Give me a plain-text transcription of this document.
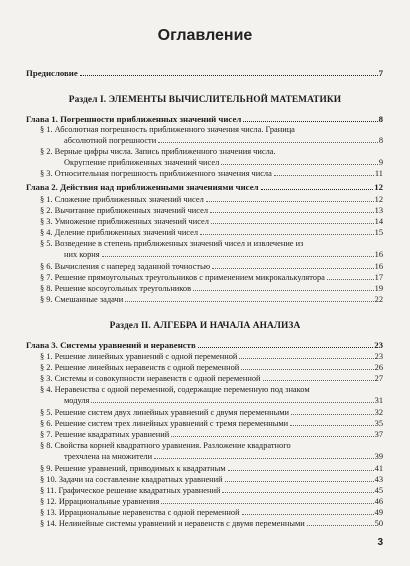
Оглавление
Предисловие	7
Раздел I. ЭЛЕМЕНТЫ ВЫЧИСЛИТЕЛЬНОЙ МАТЕМАТИКИ
Глава 1. Погрешности приближенных значений чисел	8
§ 1. Абсолютная погрешность приближенного значения числа. Граница
абсолютной погрешности	8
§ 2. Верные цифры числа. Запись приближенного значения числа.
Округление приближенных значений чисел	9
§ 3. Относительная погрешность приближенного значения числа	11
Глава 2. Действия над приближенными значениями чисел	12
§ 1. Сложение приближенных значений чисел	12
§ 2. Вычитание приближенных значений чисел	13
§ 3. Умножение приближенных значений чисел	14
§ 4. Деление приближенных значений чисел	15
§ 5. Возведение в степень приближенных значений чисел и извлечение из
них корня	16
§ 6. Вычисления с наперед заданной точностью	16
§ 7. Решение прямоугольных треугольников с применением микрокалькулятора	17
§ 8. Решение косоугольных треугольников	19
§ 9. Смешанные задачи	22
Раздел II. АЛГЕБРА И НАЧАЛА АНАЛИЗА
Глава 3. Системы уравнений и неравенств	23
§ 1. Решение линейных уравнений с одной переменной	23
§ 2. Решение линейных неравенств с одной переменной	26
§ 3. Системы и совокупности неравенств с одной переменной	27
§ 4. Неравенства с одной переменной, содержащие переменную под знаком
модуля	31
§ 5. Решение систем двух линейных уравнений с двумя переменными	32
§ 6. Решение систем трех линейных уравнений с тремя переменными	35
§ 7. Решение квадратных уравнений	37
§ 8. Свойства корней квадратного уравнения. Разложение квадратного
трехчлена на множители	39
§ 9. Решение уравнений, приводимых к квадратным	41
§ 10. Задачи на составление квадратных уравнений	43
§ 11. Графическое решение квадратных уравнений	45
§ 12. Иррациональные уравнения	46
§ 13. Иррациональные неравенства с одной переменной	49
§ 14. Нелинейные системы уравнений и неравенств с двумя переменными	50
3
